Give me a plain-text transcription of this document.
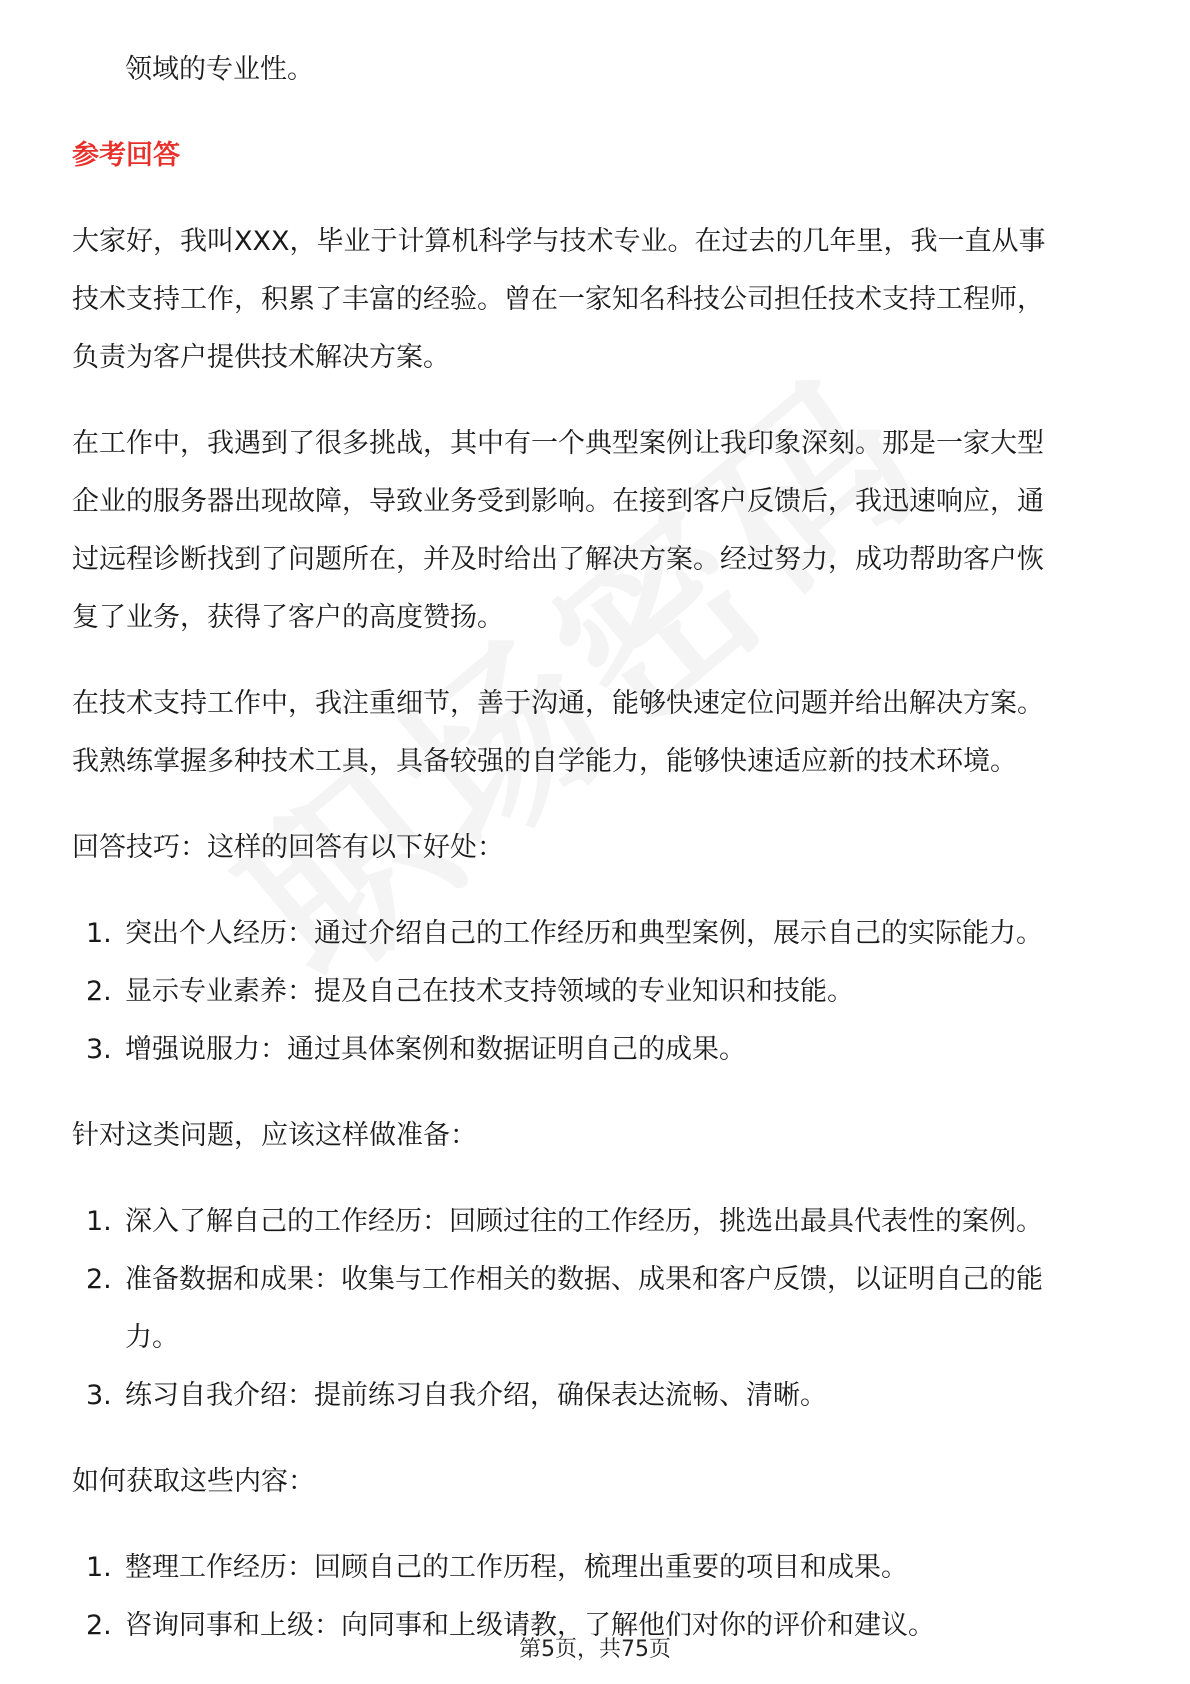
领域的专业性。
参考回答
大家好，我叫XXX，毕业于计算机科学与技术专业。在过去的几年里，我一直从事
技术支持工作，积累了丰富的经验。曾在一家知名科技公司担任技术支持工程师，
负责为客户提供技术解决方案。
在工作中，我遇到了很多挑战，其中有一个典型案例让我印象深刻。那是一家大型
企业的服务器出现故障，导致业务受到影响。在接到客户反馈后，我迅速响应，通
过远程诊断找到了问题所在，并及时给出了解决方案。经过努力，成功帮助客户恢
复了业务，获得了客户的高度赞扬。
在技术支持工作中，我注重细节，善于沟通，能够快速定位问题并给出解决方案。
我熟练掌握多种技术工具，具备较强的自学能力，能够快速适应新的技术环境。
回答技巧：这样的回答有以下好处：
1. 突出个人经历：通过介绍自己的工作经历和典型案例，展示自己的实际能力。
2. 显示专业素养：提及自己在技术支持领域的专业知识和技能。
3. 增强说服力：通过具体案例和数据证明自己的成果。
针对这类问题，应该这样做准备：
1. 深入了解自己的工作经历：回顾过往的工作经历，挑选出最具代表性的案例。
2. 准备数据和成果：收集与工作相关的数据、成果和客户反馈，以证明自己的能
力。
3. 练习自我介绍：提前练习自我介绍，确保表达流畅、清晰。
如何获取这些内容：
1. 整理工作经历：回顾自己的工作历程，梳理出重要的项目和成果。
2. 咨询同事和上级：向同事和上级请教，了解他们对你的评价和建议。
第5页，共75页
